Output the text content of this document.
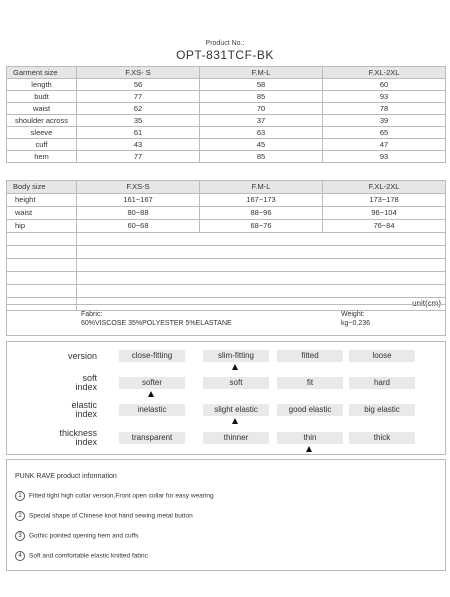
Product No.:
OPT-831TCF-BK
Garment size	F.XS- S	F.M-L	F.XL-2XL
length	56	58	60
budt	77	85	93
waist	62	70	78
shoulder across	35	37	39
sleeve	61	63	65
cuff	43	45	47
hem	77	85	93
Body size	F.XS-S	F.M-L	F.XL-2XL
height	161~167	167~173	173~178
waist	80~88	88~96	96~104
hip	60~68	68~76	76~84

	unit(cm)		
Fabric:
60%VISCOSE 35%POLYESTER 5%ELASTANE
Weight:
kg~0.236
version	close-fitting	slim-fitting	fitted	loose
soft
index	softer	soft	fit	hard
elastic
index	inelastic	slight elastic	good elastic	big elastic
thickness
index	transparent	thinner	thin	thick
PUNK RAVE product information
1 Fitted tight high collar version,Front open collar for easy wearing
2 Special shape of Chinese knot hand sewing metal button
3 Gothic pointed opening hem and cuffs
4 Soft and comfortable elastic knitted fabric
